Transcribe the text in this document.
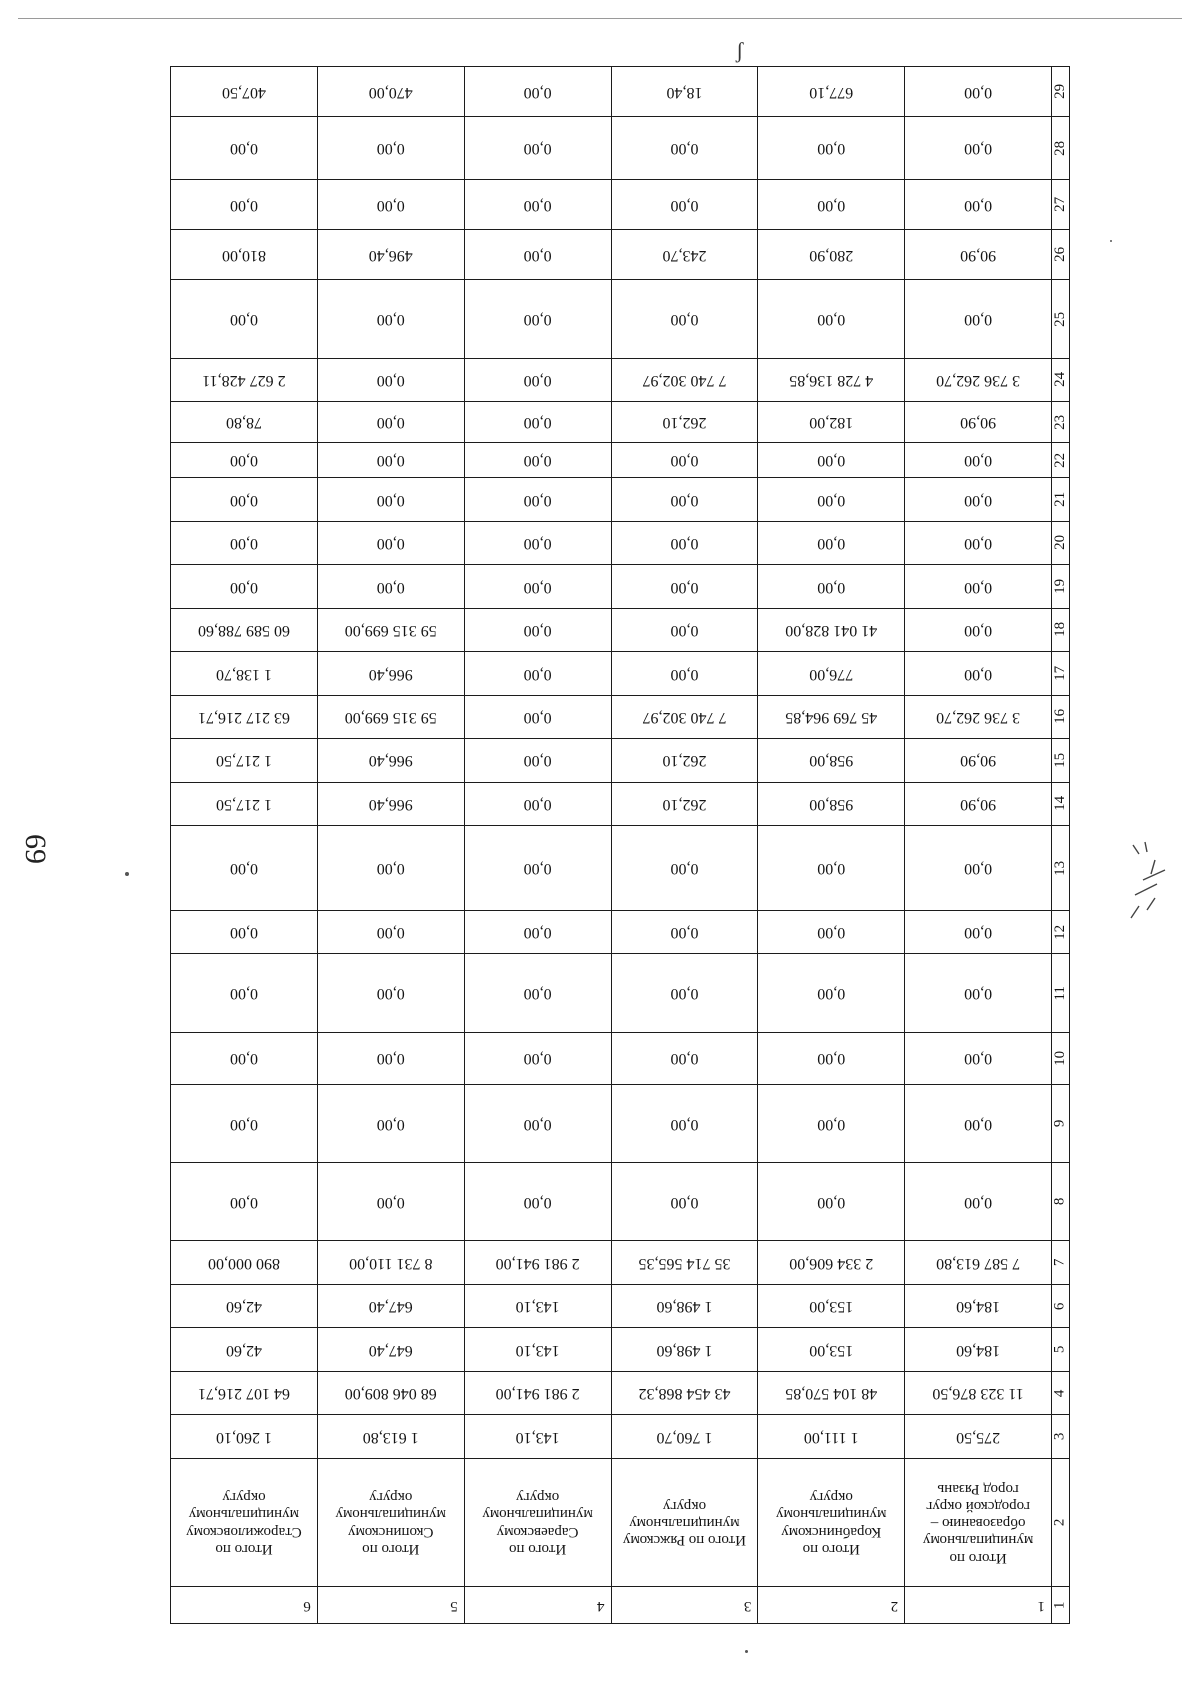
ʃ
69
1	1	2	3	4	5	6
2	Итого по
муниципальному
образованию –
городской округ
город Рязань	Итого по
Корабнинскому
муниципальному
округу	Итого по Ряжскому
муниципальному
округу	Итого по
Сараевскому
муниципальному
округу	Итого по
Скопинскому
муниципальному
округу	Итого по
Старожиловскому
муниципальному
округу

3	275,50	1 111,00	1 760,70	143,10	1 613,80	1 260,10
4	11 323 876,50	48 104 570,85	43 454 868,32	2 981 941,00	68 046 809,00	64 107 216,71
5	184,60	153,00	1 498,60	143,10	647,40	42,60
6	184,60	153,00	1 498,60	143,10	647,40	42,60
7	7 587 613,80	2 334 606,00	35 714 565,35	2 981 941,00	8 731 110,00	890 000,00
8	0,00	0,00	0,00	0,00	0,00	0,00
9	0,00	0,00	0,00	0,00	0,00	0,00
10	0,00	0,00	0,00	0,00	0,00	0,00
11	0,00	0,00	0,00	0,00	0,00	0,00
12	0,00	0,00	0,00	0,00	0,00	0,00
13	0,00	0,00	0,00	0,00	0,00	0,00
14	90,90	958,00	262,10	0,00	966,40	1 217,50
15	90,90	958,00	262,10	0,00	966,40	1 217,50
16	3 736 262,70	45 769 964,85	7 740 302,97	0,00	59 315 699,00	63 217 216,71
17	0,00	776,00	0,00	0,00	966,40	1 138,70
18	0,00	41 041 828,00	0,00	0,00	59 315 699,00	60 589 788,60
19	0,00	0,00	0,00	0,00	0,00	0,00
20	0,00	0,00	0,00	0,00	0,00	0,00
21	0,00	0,00	0,00	0,00	0,00	0,00
22	0,00	0,00	0,00	0,00	0,00	0,00
23	90,90	182,00	262,10	0,00	0,00	78,80
24	3 736 262,70	4 728 136,85	7 740 302,97	0,00	0,00	2 627 428,11
25	0,00	0,00	0,00	0,00	0,00	0,00
26	90,90	280,90	243,70	0,00	496,40	810,00
27	0,00	0,00	0,00	0,00	0,00	0,00
28	0,00	0,00	0,00	0,00	0,00	0,00
29	0,00	677,10	18,40	0,00	470,00	407,50
